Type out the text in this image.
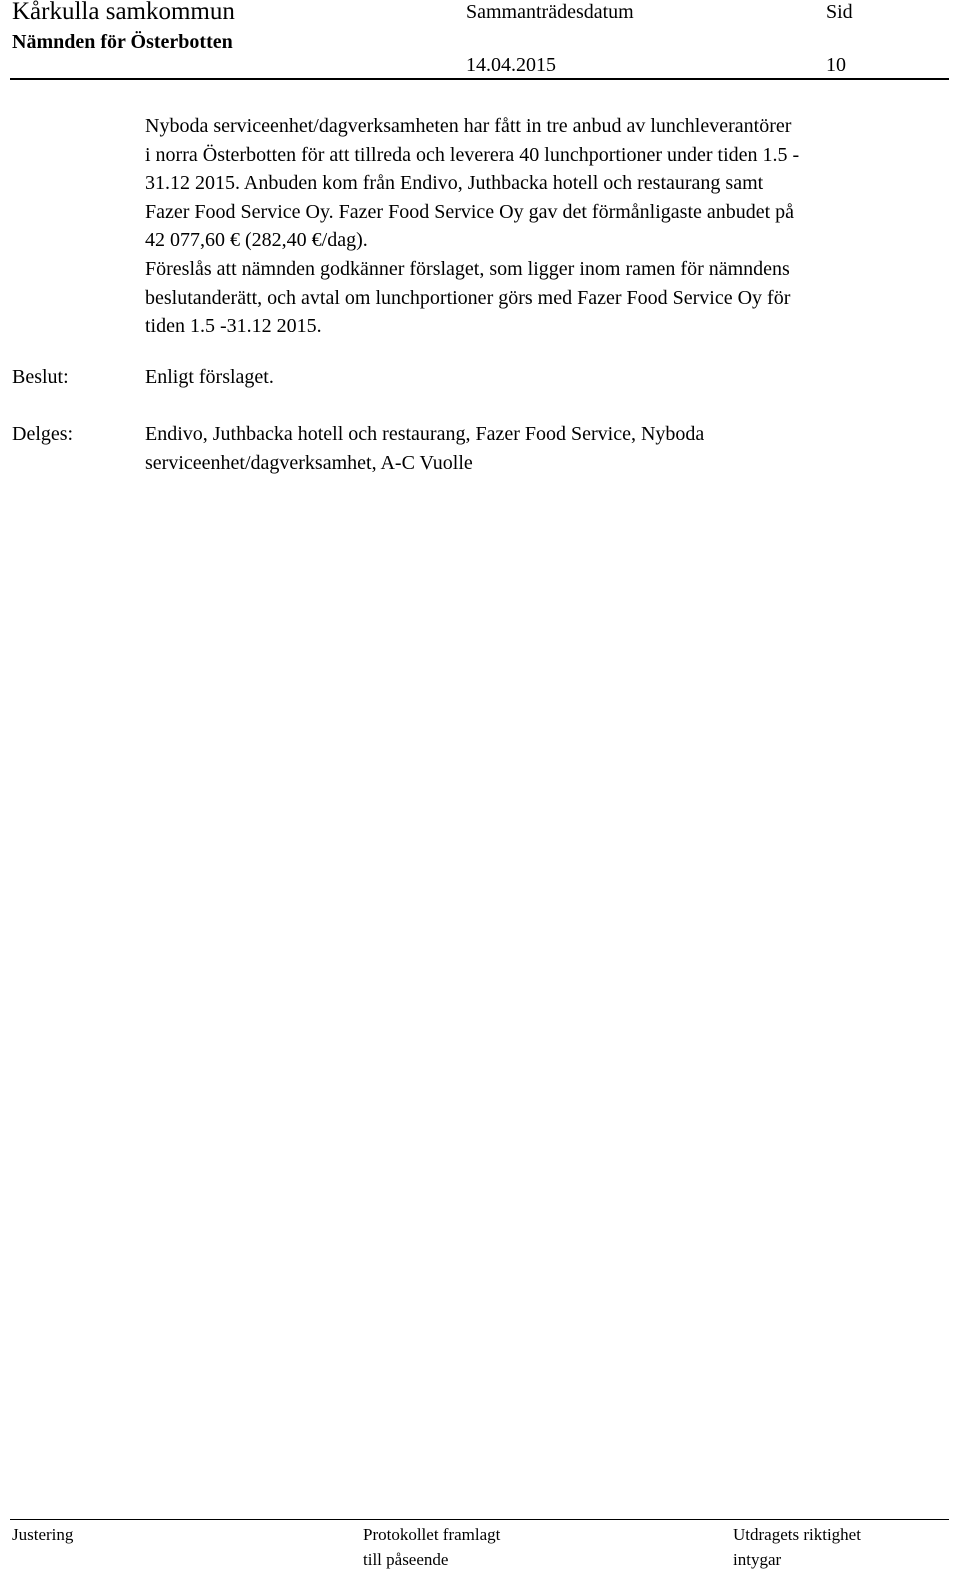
Kårkulla samkommun
Nämnden för Österbotten
Sammanträdesdatum
14.04.2015
Sid
10

Nyboda serviceenhet/dagverksamheten har fått in tre anbud av lunchleverantörer

i norra Österbotten för att tillreda och leverera 40 lunchportioner under tiden 1.5 -

31.12 2015. Anbuden kom från Endivo, Juthbacka hotell och restaurang samt

Fazer Food Service Oy. Fazer Food Service Oy gav det förmånligaste anbudet på

42 077,60 € (282,40 €/dag).

Föreslås att nämnden godkänner förslaget, som ligger inom ramen för nämndens

beslutanderätt, och avtal om lunchportioner görs med Fazer Food Service Oy för

tiden 1.5 -31.12 2015.

Beslut:	Enligt förslaget.
Delges:	Endivo, Juthbacka hotell och restaurang, Fazer Food Service, Nyboda

serviceenhet/dagverksamhet, A-C Vuolle

Justering	Protokollet framlagt
till påseende
Utdragets riktighet
intygar
